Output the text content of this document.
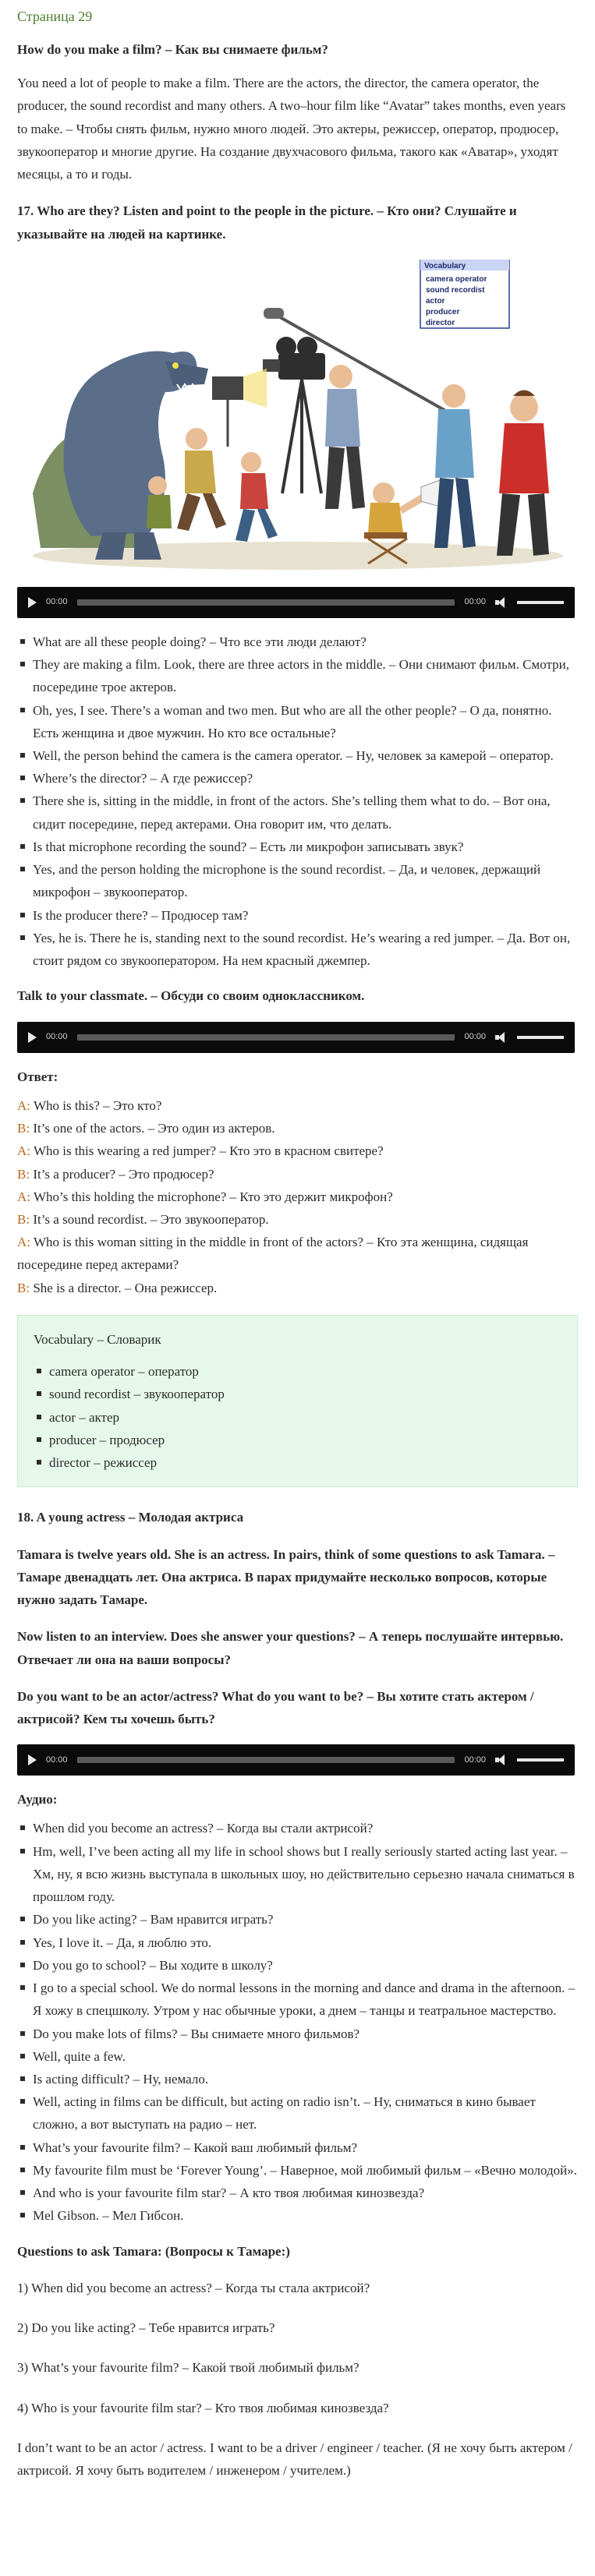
Страница 29
How do you make a film? – Как вы снимаете фильм?

You need a lot of people to make a film. There are the actors, the director, the camera operator, the producer, the sound recordist and many others. A two–hour film like “Avatar” takes months, even years to make. – Чтобы снять фильм, нужно много людей. Это актеры, режиссер, оператор, продюсер, звукооператор и многие другие. На создание двухчасового фильма, такого как «Аватар», уходят месяцы, а то и годы.

17. Who are they? Listen and point to the people in the picture. – Кто они? Слушайте и указывайте на людей на картинке.

Vocabulary
camera operator
sound recordist
actor
producer
director
00:00	00:00
What are all these people doing? – Что все эти люди делают?
They are making a film. Look, there are three actors in the middle. – Они снимают фильм. Смотри, посередине трое актеров.
Oh, yes, I see. There’s a woman and two men. But who are all the other people? – О да, понятно. Есть женщина и двое мужчин. Но кто все остальные?
Well, the person behind the camera is the camera operator. – Ну, человек за камерой – оператор.
Where’s the director? – А где режиссер?
There she is, sitting in the middle, in front of the actors. She’s telling them what to do. – Вот она, сидит посередине, перед актерами. Она говорит им, что делать.
Is that microphone recording the sound? – Есть ли микрофон записывать звук?
Yes, and the person holding the microphone is the sound recordist. – Да, и человек, держащий микрофон – звукооператор.
Is the producer there? – Продюсер там?
Yes, he is. There he is, standing next to the sound recordist. He’s wearing a red jumper. – Да. Вот он, стоит рядом со звукооператором. На нем красный джемпер.

Talk to your classmate. – Обсуди со своим одноклассником.

00:00	00:00

Ответ:

A: Who is this? – Это кто?

B: It’s one of the actors. – Это один из актеров.

A: Who is this wearing a red jumper? – Кто это в красном свитере?

B: It’s a producer? – Это продюсер?

A: Who’s this holding the microphone? – Кто это держит микрофон?

B: It’s a sound recordist. – Это звукооператор.

A: Who is this woman sitting in the middle in front of the actors? – Кто эта женщина, сидящая посередине перед актерами?

B: She is a director. – Она режиссер.

Vocabulary – Словарик
camera operator – оператор
sound recordist – звукооператор
actor – актер
producer – продюсер
director – режиссер

18. A young actress – Молодая актриса

Tamara is twelve years old. She is an actress. In pairs, think of some questions to ask Tamara. – Тамаре двенадцать лет. Она актриса. В парах придумайте несколько вопросов, которые нужно задать Тамаре.

Now listen to an interview. Does she answer your questions? – А теперь послушайте интервью. Отвечает ли она на ваши вопросы?

Do you want to be an actor/actress? What do you want to be? – Вы хотите стать актером / актрисой? Кем ты хочешь быть?

00:00	00:00

Аудио:

When did you become an actress? – Когда вы стали актрисой?
Hm, well, I’ve been acting all my life in school shows but I really seriously started acting last year. – Хм, ну, я всю жизнь выступала в школьных шоу, но действительно серьезно начала сниматься в прошлом году.
Do you like acting? – Вам нравится играть?
Yes, I love it. – Да, я люблю это.
Do you go to school? – Вы ходите в школу?
I go to a special school. We do normal lessons in the morning and dance and drama in the afternoon. – Я хожу в спецшколу. Утром у нас обычные уроки, а днем – танцы и театральное мастерство.
Do you make lots of films? – Вы снимаете много фильмов?
Well, quite a few.
Is acting difficult? – Ну, немало.
Well, acting in films can be difficult, but acting on radio isn’t. – Ну, сниматься в кино бывает сложно, а вот выступать на радио – нет.
What’s your favourite film? – Какой ваш любимый фильм?
My favourite film must be ‘Forever Young’. – Наверное, мой любимый фильм – «Вечно молодой».
And who is your favourite film star? – А кто твоя любимая кинозвезда?
Mel Gibson. – Мел Гибсон.

Questions to ask Tamara: (Вопросы к Тамаре:)

1) When did you become an actress? – Когда ты стала актрисой?

2) Do you like acting? – Тебе нравится играть?

3) What’s your favourite film? – Какой твой любимый фильм?

4) Who is your favourite film star? – Кто твоя любимая кинозвезда?

I don’t want to be an actor / actress. I want to be a driver / engineer / teacher. (Я не хочу быть актером / актрисой. Я хочу быть водителем / инженером / учителем.)
